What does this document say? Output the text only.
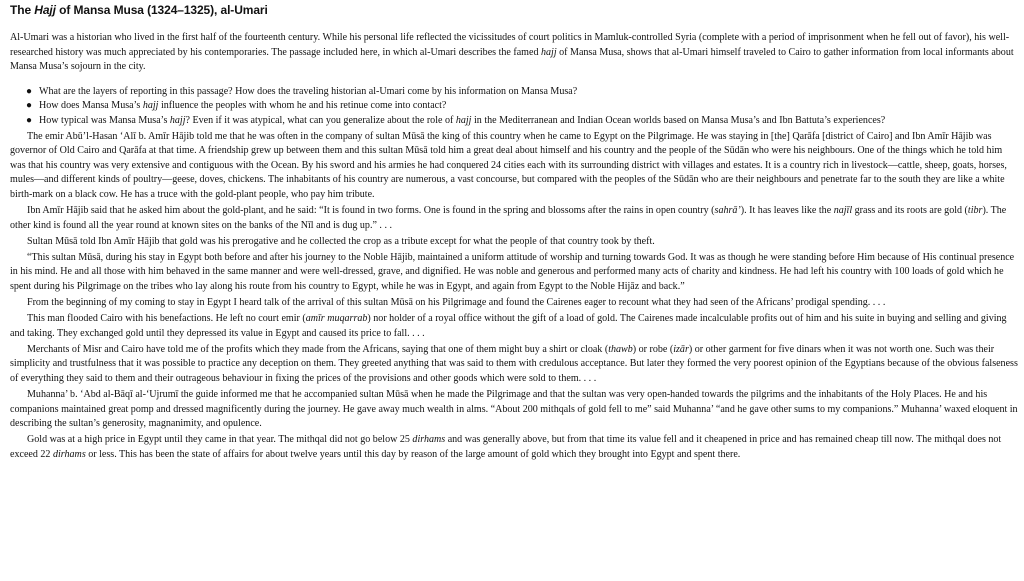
The Hajj of Mansa Musa (1324–1325), al-Umari

Al-Umari was a historian who lived in the first half of the fourteenth century. While his personal life reflected the vicissitudes of court politics in Mamluk-controlled Syria (complete with a period of imprisonment when he fell out of favor), his well-researched history was much appreciated by his contemporaries. The passage included here, in which al-Umari describes the famed hajj of Mansa Musa, shows that al-Umari himself traveled to Cairo to gather information from local informants about Mansa Musa’s sojourn in the city.

● What are the layers of reporting in this passage? How does the traveling historian al-Umari come by his information on Mansa Musa?
● How does Mansa Musa’s hajj influence the peoples with whom he and his retinue come into contact?
● How typical was Mansa Musa’s hajj? Even if it was atypical, what can you generalize about the role of hajj in the Mediterranean and Indian Ocean worlds based on Mansa Musa’s and Ibn Battuta’s experiences?

The emir Abū’l-Hasan ‘Alī b. Amīr Hājib told me that he was often in the company of sultan Mūsā the king of this country when he came to Egypt on the Pilgrimage. He was staying in [the] Qarāfa [district of Cairo] and Ibn Amīr Hājib was governor of Old Cairo and Qarāfa at that time. A friendship grew up between them and this sultan Mūsā told him a great deal about himself and his country and the people of the Sūdān who were his neighbours. One of the things which he told him was that his country was very extensive and contiguous with the Ocean. By his sword and his armies he had conquered 24 cities each with its surrounding district with villages and estates. It is a country rich in livestock—cattle, sheep, goats, horses, mules—and different kinds of poultry—geese, doves, chickens. The inhabitants of his country are numerous, a vast concourse, but compared with the peoples of the Sūdān who are their neighbours and penetrate far to the south they are like a white birth-mark on a black cow. He has a truce with the gold-plant people, who pay him tribute.

Ibn Amīr Hājib said that he asked him about the gold-plant, and he said: “It is found in two forms. One is found in the spring and blossoms after the rains in open country (sahrā’). It has leaves like the najīl grass and its roots are gold (tibr). The other kind is found all the year round at known sites on the banks of the Nīl and is dug up.” . . .

Sultan Mūsā told Ibn Amīr Hājib that gold was his prerogative and he collected the crop as a tribute except for what the people of that country took by theft.

“This sultan Mūsā, during his stay in Egypt both before and after his journey to the Noble Hājib, maintained a uniform attitude of worship and turning towards God. It was as though he were standing before Him because of His continual presence in his mind. He and all those with him behaved in the same manner and were well-dressed, grave, and dignified. He was noble and generous and performed many acts of charity and kindness. He had left his country with 100 loads of gold which he spent during his Pilgrimage on the tribes who lay along his route from his country to Egypt, while he was in Egypt, and again from Egypt to the Noble Hijāz and back.”

From the beginning of my coming to stay in Egypt I heard talk of the arrival of this sultan Mūsā on his Pilgrimage and found the Cairenes eager to recount what they had seen of the Africans’ prodigal spending. . . .

This man flooded Cairo with his benefactions. He left no court emir (amīr muqarrab) nor holder of a royal office without the gift of a load of gold. The Cairenes made incalculable profits out of him and his suite in buying and selling and giving and taking. They exchanged gold until they depressed its value in Egypt and caused its price to fall. . . .

Merchants of Misr and Cairo have told me of the profits which they made from the Africans, saying that one of them might buy a shirt or cloak (thawb) or robe (izār) or other garment for five dinars when it was not worth one. Such was their simplicity and trustfulness that it was possible to practice any deception on them. They greeted anything that was said to them with credulous acceptance. But later they formed the very poorest opinion of the Egyptians because of the obvious falseness of everything they said to them and their outrageous behaviour in fixing the prices of the provisions and other goods which were sold to them. . . .

Muhanna’ b. ‘Abd al-Bāqī al-‘Ujrumī the guide informed me that he accompanied sultan Mūsā when he made the Pilgrimage and that the sultan was very open-handed towards the pilgrims and the inhabitants of the Holy Places. He and his companions maintained great pomp and dressed magnificently during the journey. He gave away much wealth in alms. “About 200 mithqals of gold fell to me” said Muhanna’ “and he gave other sums to my companions.” Muhanna’ waxed eloquent in describing the sultan’s generosity, magnanimity, and opulence.

Gold was at a high price in Egypt until they came in that year. The mithqal did not go below 25 dirhams and was generally above, but from that time its value fell and it cheapened in price and has remained cheap till now. The mithqal does not exceed 22 dirhams or less. This has been the state of affairs for about twelve years until this day by reason of the large amount of gold which they brought into Egypt and spent there.
